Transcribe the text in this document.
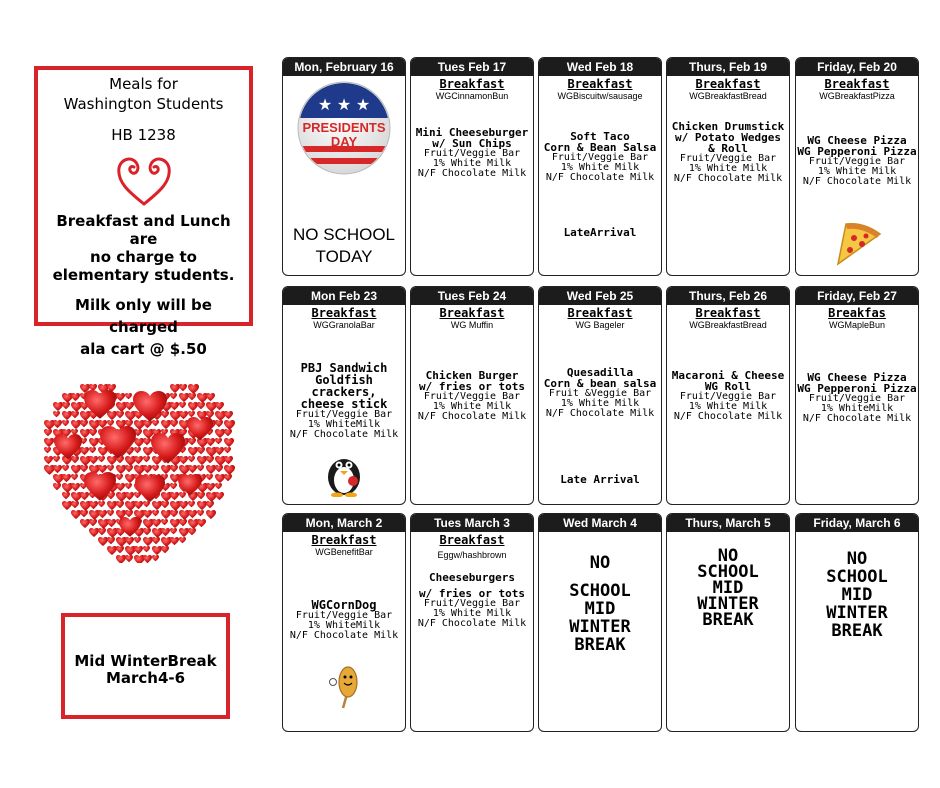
Meals for
Washington Students
HB 1238
Breakfast and Lunch are
no charge to
elementary students.
Milk only will be charged
ala cart @ $.50
Mid WinterBreak
March4-6
Mon, February 16
★ ★ ★
PRESIDENTS
DAY
NO SCHOOL
TODAY
Tues Feb 17
Breakfast
WGCinnamonBun
Mini Cheeseburger
w/ Sun Chips
Fruit/Veggie Bar
1% White Milk
N/F Chocolate Milk
Wed Feb 18
Breakfast
WGBiscuitw/sausage
Soft Taco
Corn & Bean Salsa
Fruit/Veggie Bar
1% White Milk
N/F Chocolate Milk
LateArrival
Thurs, Feb 19
Breakfast
WGBreakfastBread
Chicken Drumstick
w/ Potato Wedges
& Roll
Fruit/Veggie Bar
1% White Milk
N/F Chocolate Milk
Friday, Feb 20
Breakfast
WGBreakfastPizza
WG Cheese Pizza
WG Pepperoni Pizza
Fruit/Veggie Bar
1% White Milk
N/F Chocolate Milk
Mon Feb 23
Breakfast
WGGranolaBar
PBJ Sandwich
Goldfish crackers,
cheese stick
Fruit/Veggie Bar
1% WhiteMilk
N/F Chocolate Milk
Tues Feb 24
Breakfast
WG Muffin
Chicken Burger
w/ fries or tots
Fruit/Veggie Bar
1% White Milk
N/F Chocolate Milk
Wed Feb 25
Breakfast
WG Bageler
Quesadilla
Corn & bean salsa
Fruit &Veggie Bar
1% White Milk
N/F Chocolate Milk
Late Arrival
Thurs, Feb 26
Breakfast
WGBreakfastBread
Macaroni & Cheese
WG Roll
Fruit/Veggie Bar
1% White Milk
N/F Chocolate Milk
Friday, Feb 27
Breakfas
WGMapleBun
WG Cheese Pizza
WG Pepperoni Pizza
Fruit/Veggie Bar
1% WhiteMilk
N/F Chocolate Milk
Mon, March 2
Breakfast
WGBenefitBar
WGCornDog
Fruit/Veggie Bar
1% WhiteMilk
N/F Chocolate Milk
Tues March 3
Breakfast
Eggw/hashbrown
Cheeseburgers
w/ fries or tots
Fruit/Veggie Bar
1% White Milk
N/F Chocolate Milk
Wed March 4
NO
SCHOOL
MID
WINTER
BREAK
Thurs, March 5
NO
SCHOOL
MID
WINTER
BREAK
Friday, March 6
NO
SCHOOL
MID
WINTER
BREAK
